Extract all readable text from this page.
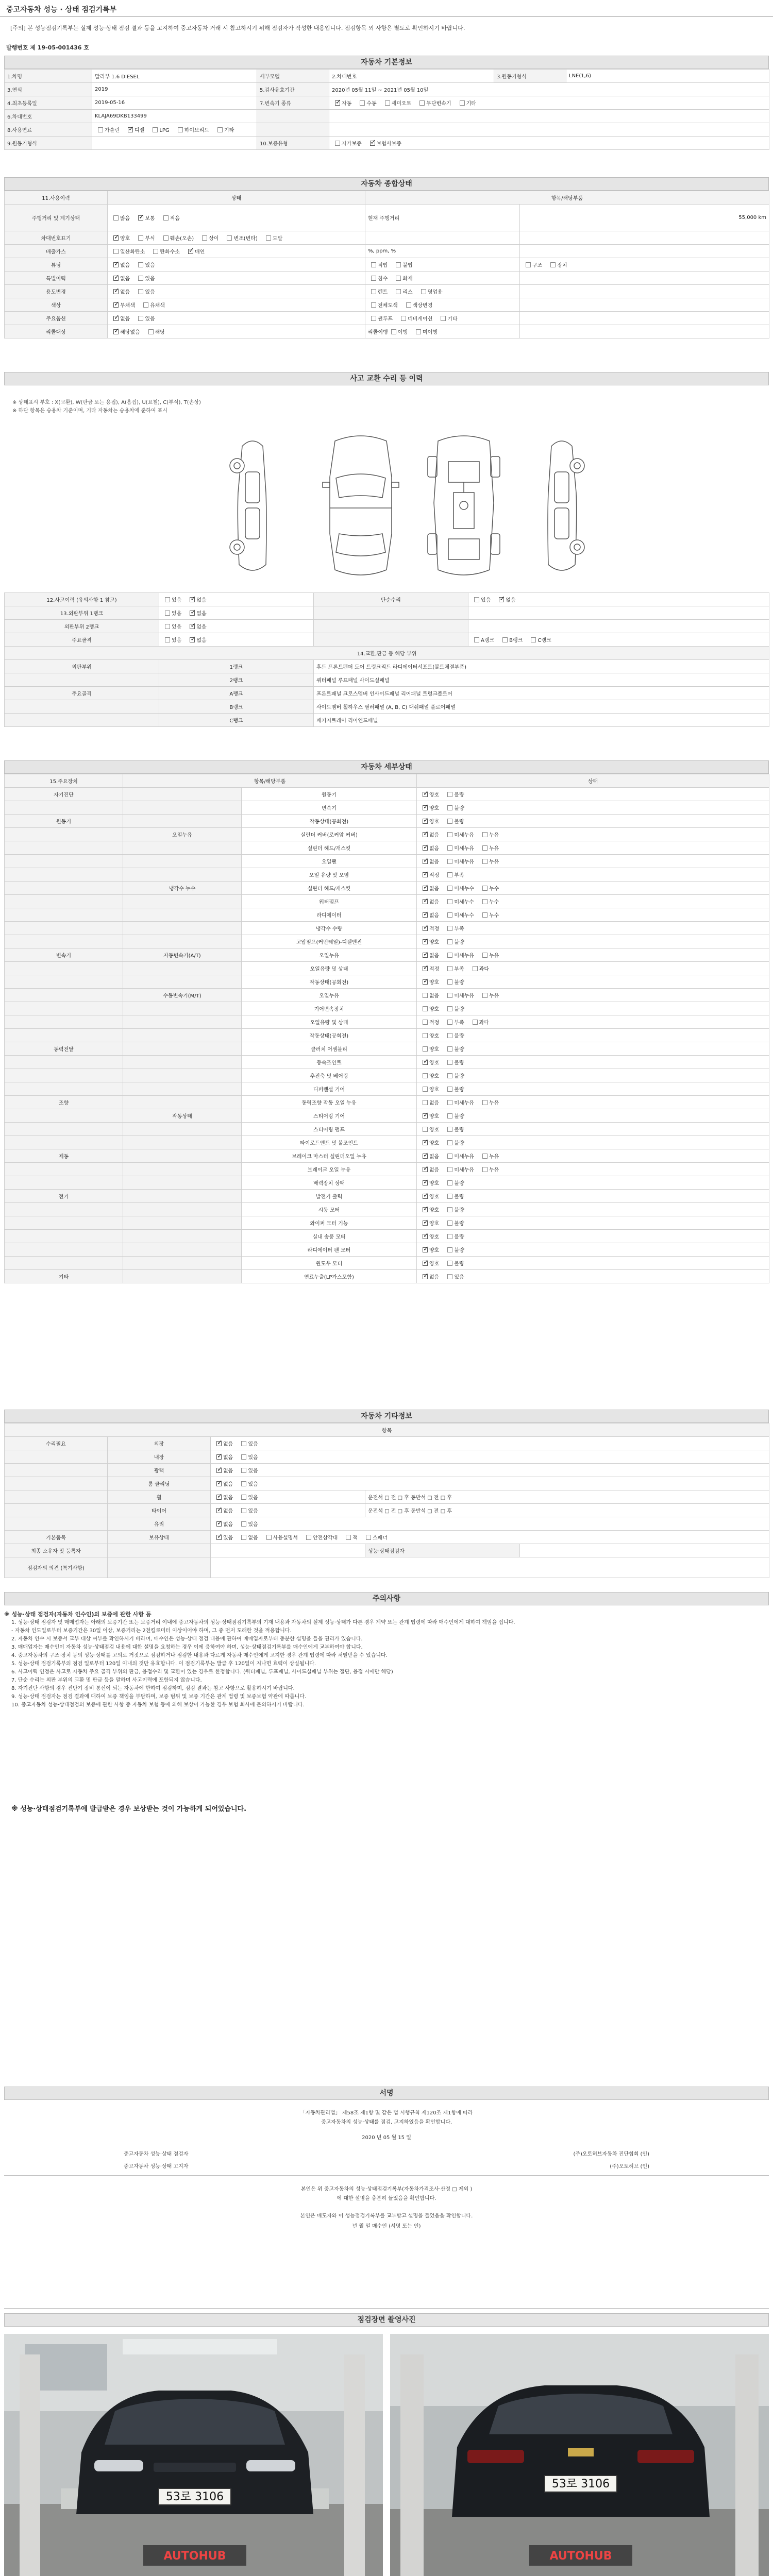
중고자동차 성능 · 상태 점검기록부
[주의] 본 성능점검기록부는 실제 성능·상태 점검 결과 등을 고지하여 중고자동차 거래 시 참고하시기 위해 점검자가 작성한 내용입니다. 점검항목 외 사항은 별도로 확인하시기 바랍니다.
발행번호 제 19-05-001436 호
자동차 기본정보
1.차명	말리부 1.6 DIESEL	세부모델	2.차대번호	3.원동기형식	LNE(1,6)
3.연식	2019	5.검사유효기간	2020년 05월 11일 ~ 2021년 05월 10일		
4.최초등록일	2019-05-16	7.변속기 종류	✓자동 수동 세미오토 무단변속기 기타
6.차대번호	KLAJA69DKB133499				
8.사용연료	가솔린 ✓ 디젤 LPG 하이브리드 기타		
9.원동기형식		10.보증유형	자가보증 ✓ 보험사보증
자동차 종합상태
11.사용이력	상태	항목/해당부품	
주행거리 및 계기상태	많음 ✓ 보통 적음	현재 주행거리	55,000 km
차대번호표기	✓양호 부식 훼손(오손) 상이 변조(변타) 도말		
배출가스	일산화탄소 탄화수소 ✓ 매연	%, ppm, %	
튜닝	✓없음 있음	적법 불법	구조 장치
특별이력	✓없음 있음	침수 화재	
용도변경	✓없음 있음	렌트 리스 영업용	
색상	✓무채색 유채색	전체도색 색상변경	
주요옵션	✓없음 있음	썬루프 네비게이션 기타	
리콜대상	✓해당없음 해당	리콜이행 이행 미이행	
사고 교환 수리 등 이력
※ 상태표시 부호 : X(교환), W(판금 또는 용접), A(흠집), U(요철), C(부식), T(손상)
※ 하단 항목은 승용차 기준이며, 기타 자동차는 승용차에 준하여 표시
12.사고이력 (유의사항 1 참고)	있음 ✓ 없음	단순수리	있음 ✓ 없음
13.외판부위 1랭크	있음 ✓ 없음		
외판부위 2랭크	있음 ✓ 없음		
주요골격	있음 ✓ 없음		A랭크 B랭크 C랭크
14.교환,판금 등 해당 부위			
외판부위	1랭크	후드 프론트펜더 도어 트렁크리드 라디에이터서포트(볼트체결부품)	
	2랭크	쿼터패널 루프패널 사이드실패널	
주요골격	A랭크	프론트패널 크로스멤버 인사이드패널 리어패널 트렁크플로어	
	B랭크	사이드멤버 휠하우스 필러패널 (A, B, C) 대쉬패널 플로어패널	
	C랭크	패키지트레이 리어엔드패널	
자동차 세부상태
15.주요장치	항목/해당부품		상태
자기진단		원동기	✓양호 불량
		변속기	✓양호 불량
원동기		작동상태(공회전)	✓양호 불량
	오일누유	실린더 커버(로커암 커버)	✓없음 미세누유 누유
		실린더 헤드/개스킷	✓없음 미세누유 누유
		오일팬	✓없음 미세누유 누유
		오일 유량 및 오염	✓적정 부족
	냉각수 누수	실린더 헤드/개스킷	✓없음 미세누수 누수
		워터펌프	✓없음 미세누수 누수
		라디에이터	✓없음 미세누수 누수
		냉각수 수량	✓적정 부족
		고압펌프(커먼레일)-디젤엔진	✓양호 불량
변속기	자동변속기(A/T)	오일누유	✓없음 미세누유 누유
		오일유량 및 상태	✓적정 부족 과다
		작동상태(공회전)	✓양호 불량
	수동변속기(M/T)	오일누유	없음 미세누유 누유
		기어변속장치	양호 불량
		오일유량 및 상태	적정 부족 과다
		작동상태(공회전)	양호 불량
동력전달		클러치 어셈블리	양호 불량
		등속조인트	✓양호 불량
		추진축 및 베어링	양호 불량
		디퍼렌셜 기어	양호 불량
조향		동력조향 작동 오일 누유	없음 미세누유 누유
	작동상태	스티어링 기어	✓양호 불량
		스티어링 펌프	양호 불량
		타이로드엔드 및 볼조인트	✓양호 불량
제동		브레이크 마스터 실린더오일 누유	✓없음 미세누유 누유
		브레이크 오일 누유	✓없음 미세누유 누유
		배력장치 상태	✓양호 불량
전기		발전기 출력	✓양호 불량
		시동 모터	✓양호 불량
		와이퍼 모터 기능	✓양호 불량
		실내 송풍 모터	✓양호 불량
		라디에이터 팬 모터	✓양호 불량
		윈도우 모터	✓양호 불량
기타		연료누출(LP가스포함)	✓없음 있음
자동차 기타정보
항목					
수리필요	외장	✓없음 있음	
	내장	✓없음 있음	
	광택	✓없음 있음	
	룸 클리닝	✓없음 있음	
	휠	✓없음 있음	운전석 □ 전 □ 후 동반석 □ 전 □ 후		
	타이어	✓없음 있음	운전석 □ 전 □ 후 동반석 □ 전 □ 후		
	유리	✓없음 있음	
기본품목	보유상태	✓있음 없음 사용설명서 안전삼각대 잭 스패너	
최종 소유자 및 등록자			성능·상태점검자		
점검자의 의견 (특기사항)					
주의사항

※ 성능·상태 점검자(자동차 인수인)의 보증에 관한 사항 등

1. 성능·상태 점검자 및 매매업자는 아래의 보증기간 또는 보증거리 이내에 중고자동차의 성능·상태점검기록부의 기재 내용과 자동차의 실제 성능·상태가 다른 경우 계약 또는 관계 법령에 따라 매수인에게 대하여 책임을 집니다.

- 자동차 인도일로부터 보증기간은 30일 이상, 보증거리는 2천킬로미터 이상이어야 하며, 그 중 먼저 도래한 것을 적용합니다.

2. 자동차 인수 시 보증서 교부 대상 여부를 확인하시기 바라며, 매수인은 성능·상태 점검 내용에 관하여 매매업자로부터 충분한 설명을 들을 권리가 있습니다.

3. 매매업자는 매수인이 자동차 성능·상태점검 내용에 대한 설명을 요청하는 경우 이에 응하여야 하며, 성능·상태점검기록부를 매수인에게 교부하여야 합니다.

4. 중고자동차의 구조·장치 등의 성능·상태를 고의로 거짓으로 점검하거나 점검한 내용과 다르게 자동차 매수인에게 고지한 경우 관계 법령에 따라 처벌받을 수 있습니다.

5. 성능·상태 점검기록부의 점검 일로부터 120일 이내의 것만 유효합니다. 이 점검기록부는 발급 후 120일이 지나면 효력이 상실됩니다.

6. 사고이력 인정은 사고로 자동차 주요 골격 부위의 판금, 용접수리 및 교환이 있는 경우로 한정합니다. (쿼터패널, 루프패널, 사이드실패널 부위는 절단, 용접 시에만 해당)

7. 단순 수리는 외판 부위의 교환 및 판금 등을 말하며 사고이력에 포함되지 않습니다.

8. 자기진단 사항의 경우 진단기 장비 통신이 되는 자동차에 한하여 점검하며, 점검 결과는 참고 사항으로 활용하시기 바랍니다.

9. 성능·상태 점검자는 점검 결과에 대하여 보증 책임을 부담하며, 보증 범위 및 보증 기간은 관계 법령 및 보증보험 약관에 따릅니다.

10. 중고자동차 성능·상태점검의 보증에 관한 사항 중 자동차 보험 등에 의해 보상이 가능한 경우 보험 회사에 문의하시기 바랍니다.

※ 성능·상태점검기록부에 발급받은 경우 보상받는 것이 가능하게 되어있습니다.
점검장면 촬영사진
53로 3106
AUTOHUB
53로 3106
AUTOHUB
서명
「자동차관리법」 제58조 제1항 및 같은 법 시행규칙 제120조 제1항에 따라
중고자동차의 성능·상태를 점검, 고지하였음을 확인합니다.
2020 년 05 월 15 일
중고자동차 성능·상태 점검자	(주)오토허브자동차 진단협회 (인)
중고자동차 성능·상태 고지자	(주)오토허브 (인)
본인은 위 중고자동차의 성능·상태점검기록부(자동차가격조사·산정 □ 제외 )
에 대한 설명을 충분히 들었음을 확인합니다.
본인은 매도자와 이 성능점검기록부를 교부받고 설명을 들었음을 확인합니다.
년 월 일 매수인 (서명 또는 인)
